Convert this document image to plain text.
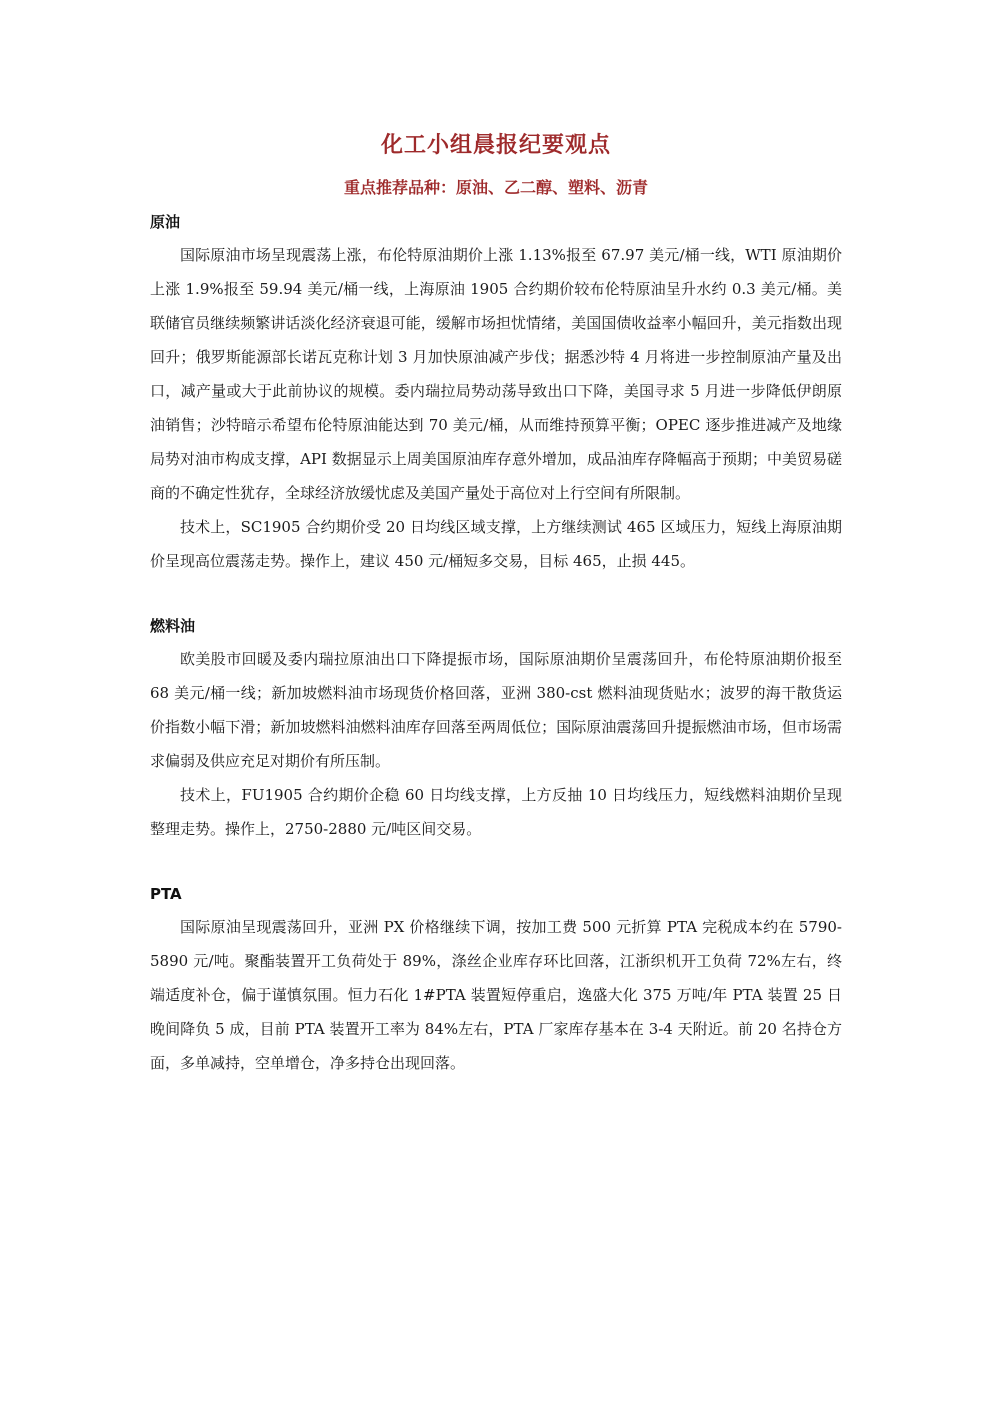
化工小组晨报纪要观点
重点推荐品种：原油、乙二醇、塑料、沥青
原油

国际原油市场呈现震荡上涨，布伦特原油期价上涨 1.13%报至 67.97 美元/桶一线，WTI 原油期价上涨 1.9%报至 59.94 美元/桶一线，上海原油 1905 合约期价较布伦特原油呈升水约 0.3 美元/桶。美联储官员继续频繁讲话淡化经济衰退可能，缓解市场担忧情绪，美国国债收益率小幅回升，美元指数出现回升；俄罗斯能源部长诺瓦克称计划 3 月加快原油减产步伐；据悉沙特 4 月将进一步控制原油产量及出口，减产量或大于此前协议的规模。委内瑞拉局势动荡导致出口下降，美国寻求 5 月进一步降低伊朗原油销售；沙特暗示希望布伦特原油能达到 70 美元/桶，从而维持预算平衡；OPEC 逐步推进减产及地缘局势对油市构成支撑，API 数据显示上周美国原油库存意外增加，成品油库存降幅高于预期；中美贸易磋商的不确定性犹存，全球经济放缓忧虑及美国产量处于高位对上行空间有所限制。

技术上，SC1905 合约期价受 20 日均线区域支撑，上方继续测试 465 区域压力，短线上海原油期价呈现高位震荡走势。操作上，建议 450 元/桶短多交易，目标 465，止损 445。

燃料油

欧美股市回暖及委内瑞拉原油出口下降提振市场，国际原油期价呈震荡回升，布伦特原油期价报至 68 美元/桶一线；新加坡燃料油市场现货价格回落，亚洲 380-cst 燃料油现货贴水；波罗的海干散货运价指数小幅下滑；新加坡燃料油燃料油库存回落至两周低位；国际原油震荡回升提振燃油市场，但市场需求偏弱及供应充足对期价有所压制。

技术上，FU1905 合约期价企稳 60 日均线支撑，上方反抽 10 日均线压力，短线燃料油期价呈现整理走势。操作上，2750-2880 元/吨区间交易。

PTA

国际原油呈现震荡回升，亚洲 PX 价格继续下调，按加工费 500 元折算 PTA 完税成本约在 5790-5890 元/吨。聚酯装置开工负荷处于 89%，涤丝企业库存环比回落，江浙织机开工负荷 72%左右，终端适度补仓，偏于谨慎氛围。恒力石化 1#PTA 装置短停重启，逸盛大化 375 万吨/年 PTA 装置 25 日晚间降负 5 成，目前 PTA 装置开工率为 84%左右，PTA 厂家库存基本在 3-4 天附近。前 20 名持仓方面，多单减持，空单增仓，净多持仓出现回落。
